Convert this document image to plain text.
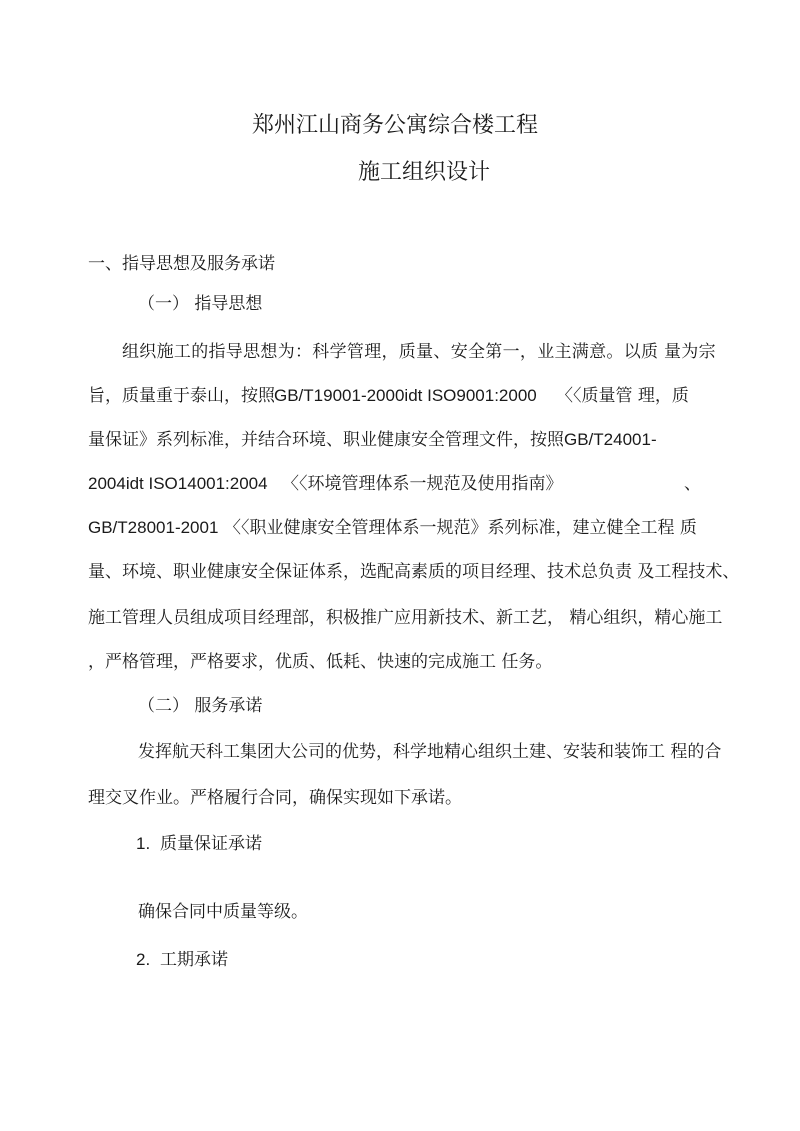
郑州江山商务公寓综合楼工程
施工组织设计
一、指导思想及服务承诺
（一） 指导思想
组织施工的指导思想为：科学管理，质量、安全第一，业主满意。以质 量为宗
旨，质量重于泰山，按照 GB/T19001-2000idt ISO9001:2000 〈〈质量管 理，质
量保证》系列标准，并结合环境、职业健康安全管理文件，按照 GB/T24001-
2004idt ISO14001:2004 〈〈环境管理体系一规范及使用指南》	、
GB/T28001-2001 〈〈职业健康安全管理体系一规范》系列标准，建立健全工程 质
量、环境、职业健康安全保证体系，选配高素质的项目经理、技术总负责 及工程技术、
施工管理人员组成项目经理部，积极推广应用新技术、新工艺， 精心组织，精心施工
，严格管理，严格要求，优质、低耗、快速的完成施工 任务。
（二） 服务承诺
发挥航天科工集团大公司的优势，科学地精心组织土建、安装和装饰工 程的合
理交叉作业。严格履行合同，确保实现如下承诺。
1. 质量保证承诺
确保合同中质量等级。
2. 工期承诺
